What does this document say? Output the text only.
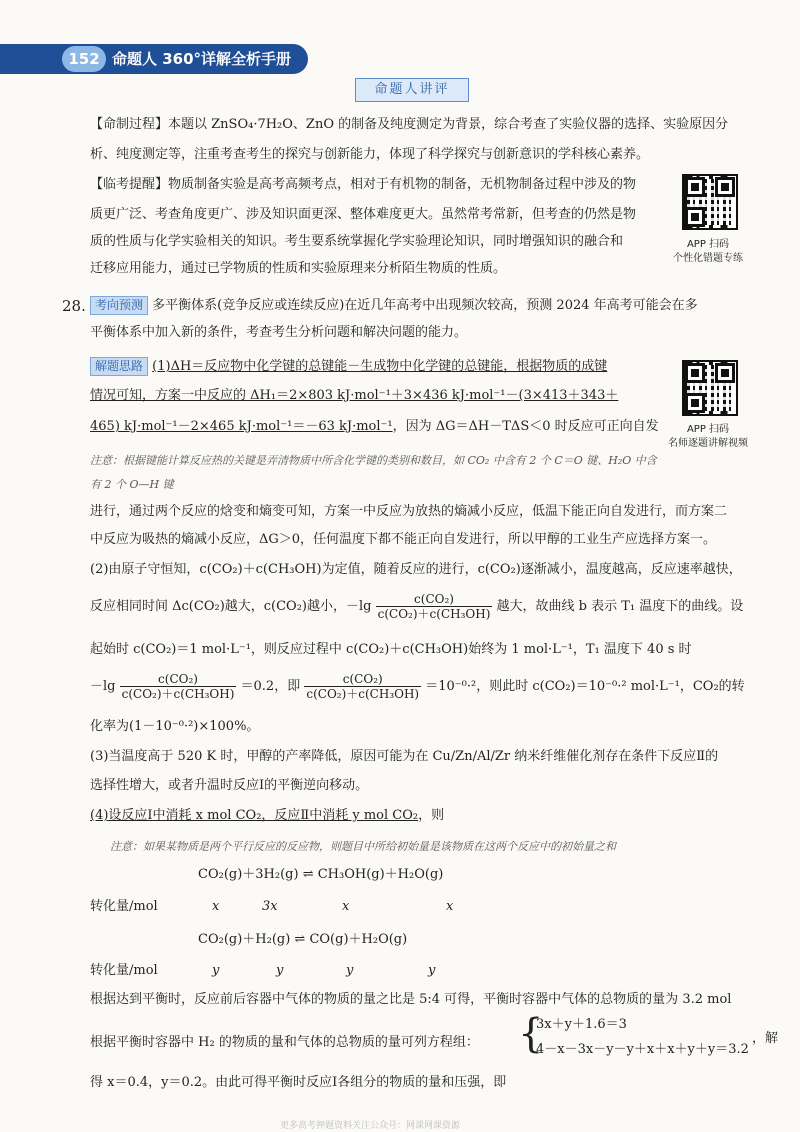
152 命题人 360°详解全析手册
命题人讲评
【命制过程】本题以 ZnSO₄·7H₂O、ZnO 的制备及纯度测定为背景，综合考查了实验仪器的选择、实验原因分
析、纯度测定等，注重考查考生的探究与创新能力，体现了科学探究与创新意识的学科核心素养。
【临考提醒】物质制备实验是高考高频考点，相对于有机物的制备，无机物制备过程中涉及的物
质更广泛、考查角度更广、涉及知识面更深、整体难度更大。虽然常考常新，但考查的仍然是物
质的性质与化学实验相关的知识。考生要系统掌握化学实验理论知识，同时增强知识的融合和
迁移应用能力，通过已学物质的性质和实验原理来分析陌生物质的性质。
APP 扫码
个性化错题专练
28. 考向预测 多平衡体系(竞争反应或连续反应)在近几年高考中出现频次较高，预测 2024 年高考可能会在多
平衡体系中加入新的条件，考查考生分析问题和解决问题的能力。
解题思路 (1)ΔH＝反应物中化学键的总键能－生成物中化学键的总键能，根据物质的成键
情况可知，方案一中反应的 ΔH₁＝2×803 kJ·mol⁻¹＋3×436 kJ·mol⁻¹－(3×413＋343＋
465) kJ·mol⁻¹－2×465 kJ·mol⁻¹＝－63 kJ·mol⁻¹，因为 ΔG＝ΔH－TΔS＜0 时反应可正向自发	APP 扫码
名师逐题讲解视频
注意：根据键能计算反应热的关键是弄清物质中所含化学键的类别和数目，如 CO₂ 中含有 2 个 C＝O 键、H₂O 中含
有 2 个 O—H 键
进行，通过两个反应的焓变和熵变可知，方案一中反应为放热的熵减小反应，低温下能正向自发进行，而方案二
中反应为吸热的熵减小反应，ΔG＞0，任何温度下都不能正向自发进行，所以甲醇的工业生产应选择方案一。
(2)由原子守恒知，c(CO₂)＋c(CH₃OH)为定值，随着反应的进行，c(CO₂)逐渐减小，温度越高，反应速率越快，
反应相同时间 Δc(CO₂)越大，c(CO₂)越小，$-\lg \frac{\text{c(CO₂)}}{\text{c(CO₂)＋c(CH₃OH)}}$ 越大，故曲线 b 表示 T₁ 温度下的曲线。设
起始时 c(CO₂)＝1 mol·L⁻¹，则反应过程中 c(CO₂)＋c(CH₃OH)始终为 1 mol·L⁻¹，T₁ 温度下 40 s 时
$-\lg \frac{\text{c(CO₂)}}{\text{c(CO₂)＋c(CH₃OH)}} =0.2$，即 $\frac{\text{c(CO₂)}}{\text{c(CO₂)＋c(CH₃OH)}} =10^{-0}\cdot^2$，则此时 c(CO₂)＝10⁻⁰·² mol·L⁻¹，CO₂的转
化率为(1－10⁻⁰·²)×100%。
(3)当温度高于 520 K 时，甲醇的产率降低，原因可能为在 Cu/Zn/Al/Zr 纳米纤维催化剂存在条件下反应Ⅱ的
选择性增大，或者升温时反应Ⅰ的平衡逆向移动。
(4)设反应Ⅰ中消耗 x mol CO₂，反应Ⅱ中消耗 y mol CO₂，则
注意：如果某物质是两个平行反应的反应物，则题目中所给初始量是该物质在这两个反应中的初始量之和
CO₂(g)＋3H₂(g) ⇌ CH₃OH(g)＋H₂O(g)
转化量/mol	x	3x	x	x
CO₂(g)＋H₂(g) ⇌ CO(g)＋H₂O(g)
转化量/mol	y	y	y	y
根据达到平衡时，反应前后容器中气体的物质的量之比是 5:4 可得，平衡时容器中气体的总物质的量为 3.2 mol
根据平衡时容器中 H₂ 的物质的量和气体的总物质的量可列方程组： {
3x＋y＋1.6＝3
4－x－3x－y－y＋x＋x＋y＋y＝3.2
，解
得 x＝0.4，y＝0.2。由此可得平衡时反应Ⅰ各组分的物质的量和压强，即
更多高考押题资料关注公众号：网课网课资源
